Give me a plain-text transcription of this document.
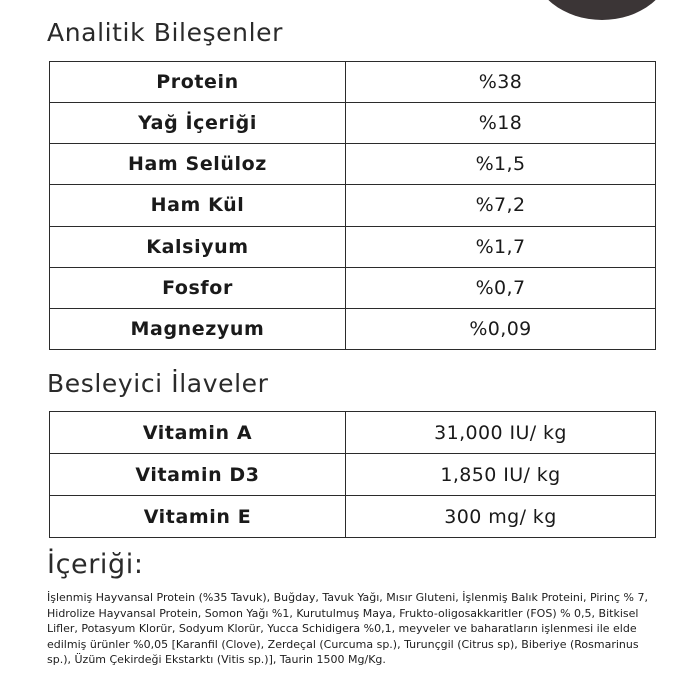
Analitik Bileşenler
Protein	%38
Yağ İçeriği	%18
Ham Selüloz	%1,5
Ham Kül	%7,2
Kalsiyum	%1,7
Fosfor	%0,7
Magnezyum	%0,09
Besleyici İlaveler
Vitamin A	31,000 IU/ kg
Vitamin D3	1,850 IU/ kg
Vitamin E	300 mg/ kg
İçeriği:

İşlenmiş Hayvansal Protein (%35 Tavuk), Buğday, Tavuk Yağı, Mısır Gluteni, İşlenmiş Balık Proteini, Pirinç % 7, Hidrolize Hayvansal Protein, Somon Yağı %1, Kurutulmuş Maya, Frukto-oligosakkaritler (FOS) % 0,5, Bitkisel Lifler, Potasyum Klorür, Sodyum Klorür, Yucca Schidigera %0,1, meyveler ve baharatların işlenmesi ile elde edilmiş ürünler %0,05 [Karanfil (Clove), Zerdeçal (Curcuma sp.), Turunçgil (Citrus sp), Biberiye (Rosmarinus sp.), Üzüm Çekirdeği Ekstarktı (Vitis sp.)], Taurin 1500 Mg/Kg.
